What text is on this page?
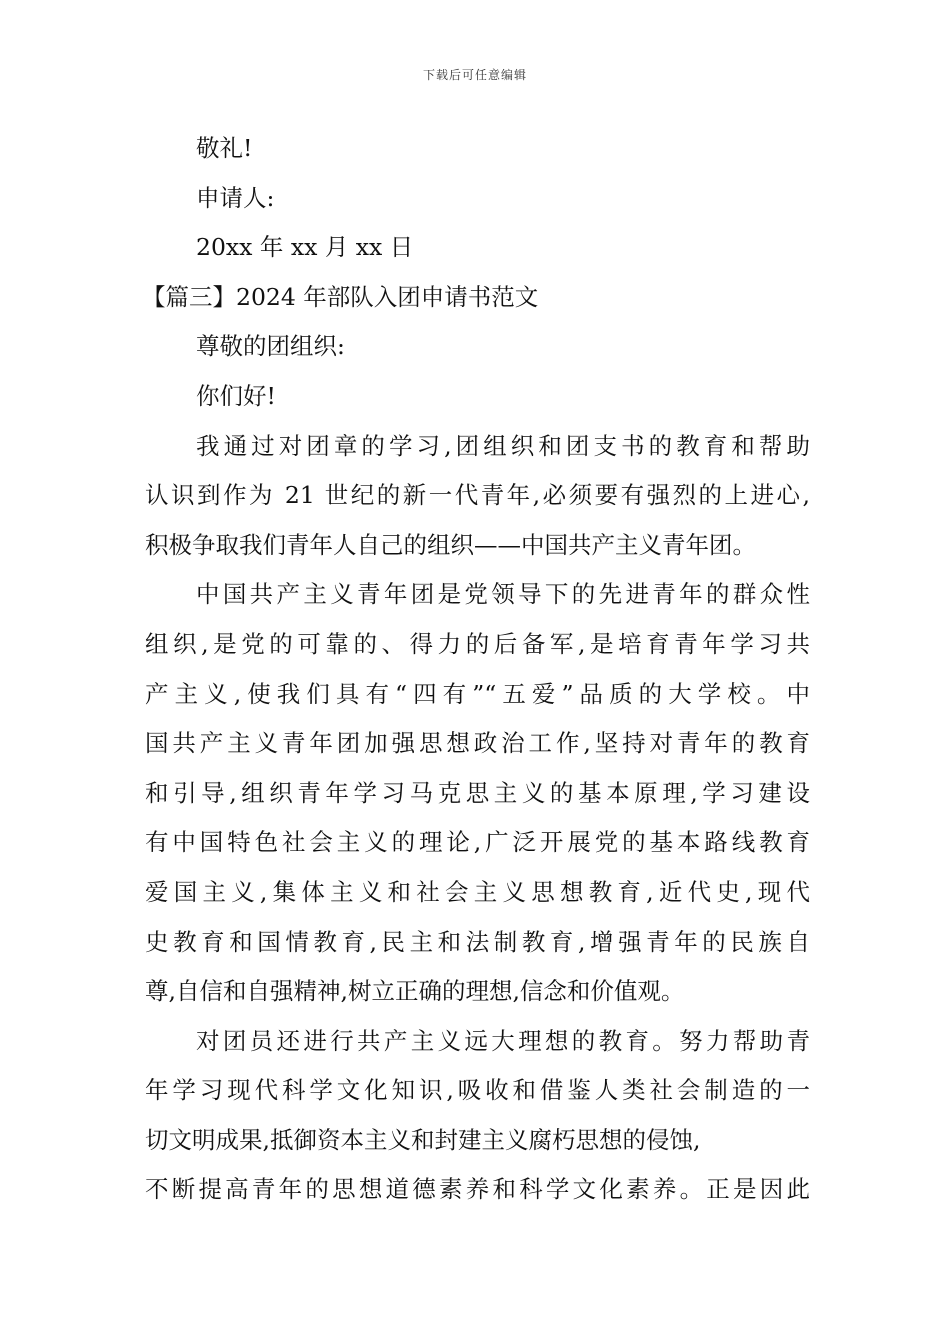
下载后可任意编辑
敬礼!
申请人:
20xx 年 xx 月 xx 日
【篇三】2024 年部队入团申请书范文
尊敬的团组织:
你们好!
我通过对团章的学习,团组织和团支书的教育和帮助
认识到作为 21 世纪的新一代青年,必须要有强烈的上进心,
积极争取我们青年人自己的组织——中国共产主义青年团。
中国共产主义青年团是党领导下的先进青年的群众性
组织,是党的可靠的、得力的后备军,是培育青年学习共
产主义,使我们具有“四有”“五爱”品质的大学校。中
国共产主义青年团加强思想政治工作,坚持对青年的教育
和引导,组织青年学习马克思主义的基本原理,学习建设
有中国特色社会主义的理论,广泛开展党的基本路线教育
爱国主义,集体主义和社会主义思想教育,近代史,现代
史教育和国情教育,民主和法制教育,增强青年的民族自
尊,自信和自强精神,树立正确的理想,信念和价值观。
对团员还进行共产主义远大理想的教育。努力帮助青
年学习现代科学文化知识,吸收和借鉴人类社会制造的一
切文明成果,抵御资本主义和封建主义腐朽思想的侵蚀,
不断提高青年的思想道德素养和科学文化素养。正是因此
